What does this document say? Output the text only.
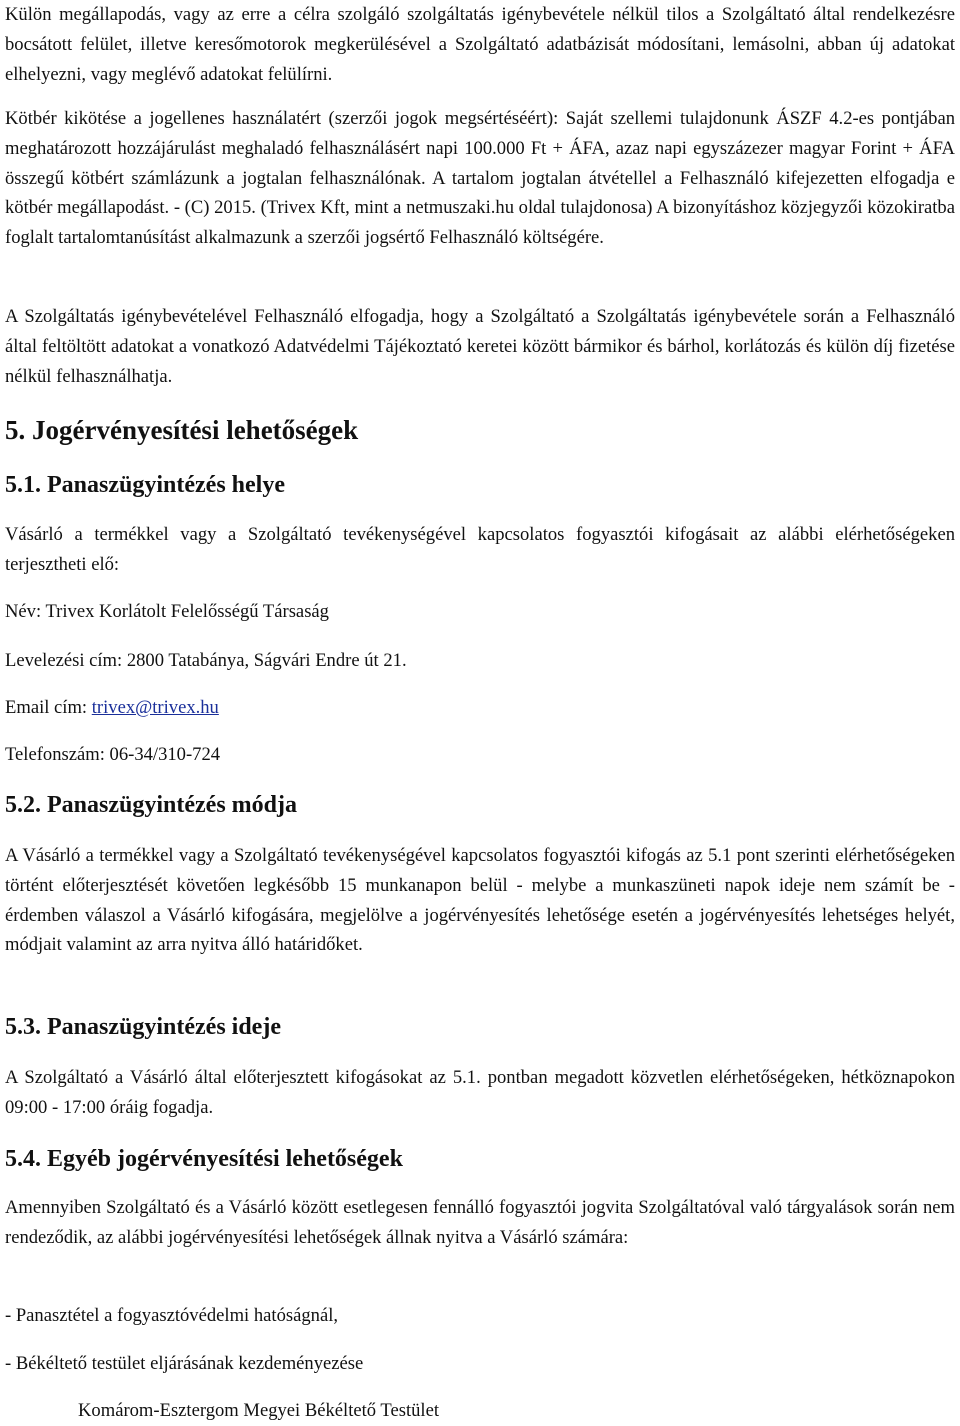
Külön megállapodás, vagy az erre a célra szolgáló szolgáltatás igénybevétele nélkül tilos a Szolgáltató által rendelkezésre bocsátott felület, illetve keresőmotorok megkerülésével a Szolgáltató adatbázisát módosítani, lemásolni, abban új adatokat elhelyezni, vagy meglévő adatokat felülírni.

Kötbér kikötése a jogellenes használatért (szerzői jogok megsértéséért): Saját szellemi tulajdonunk ÁSZF 4.2-es pontjában meghatározott hozzájárulást meghaladó felhasználásért napi 100.000 Ft + ÁFA, azaz napi egyszázezer magyar Forint + ÁFA összegű kötbért számlázunk a jogtalan felhasználónak. A tartalom jogtalan átvétellel a Felhasználó kifejezetten elfogadja e kötbér megállapodást. - (C) 2015. (Trivex Kft, mint a netmuszaki.hu oldal tulajdonosa) A bizonyításhoz közjegyzői közokiratba foglalt tartalomtanúsítást alkalmazunk a szerzői jogsértő Felhasználó költségére.

A Szolgáltatás igénybevételével Felhasználó elfogadja, hogy a Szolgáltató a Szolgáltatás igénybevétele során a Felhasználó által feltöltött adatokat a vonatkozó Adatvédelmi Tájékoztató keretei között bármikor és bárhol, korlátozás és külön díj fizetése nélkül felhasználhatja.

5. Jogérvényesítési lehetőségek
5.1. Panaszügyintézés helye

Vásárló a termékkel vagy a Szolgáltató tevékenységével kapcsolatos fogyasztói kifogásait az alábbi elérhetőségeken terjesztheti elő:

Név: Trivex Korlátolt Felelősségű Társaság

Levelezési cím: 2800 Tatabánya, Ságvári Endre út 21.

Email cím: trivex@trivex.hu

Telefonszám: 06-34/310-724

5.2. Panaszügyintézés módja

A Vásárló a termékkel vagy a Szolgáltató tevékenységével kapcsolatos fogyasztói kifogás az 5.1 pont szerinti elérhetőségeken történt előterjesztését követően legkésőbb 15 munkanapon belül - melybe a munkaszüneti napok ideje nem számít be - érdemben válaszol a Vásárló kifogására, megjelölve a jogérvényesítés lehetősége esetén a jogérvényesítés lehetséges helyét, módjait valamint az arra nyitva álló határidőket.

5.3. Panaszügyintézés ideje

A Szolgáltató a Vásárló által előterjesztett kifogásokat az 5.1. pontban megadott közvetlen elérhetőségeken, hétköznapokon 09:00 - 17:00 óráig fogadja.

5.4. Egyéb jogérvényesítési lehetőségek

Amennyiben Szolgáltató és a Vásárló között esetlegesen fennálló fogyasztói jogvita Szolgáltatóval való tárgyalások során nem rendeződik, az alábbi jogérvényesítési lehetőségek állnak nyitva a Vásárló számára:

- Panasztétel a fogyasztóvédelmi hatóságnál,

- Békéltető testület eljárásának kezdeményezése

Komárom-Esztergom Megyei Békéltető Testület
